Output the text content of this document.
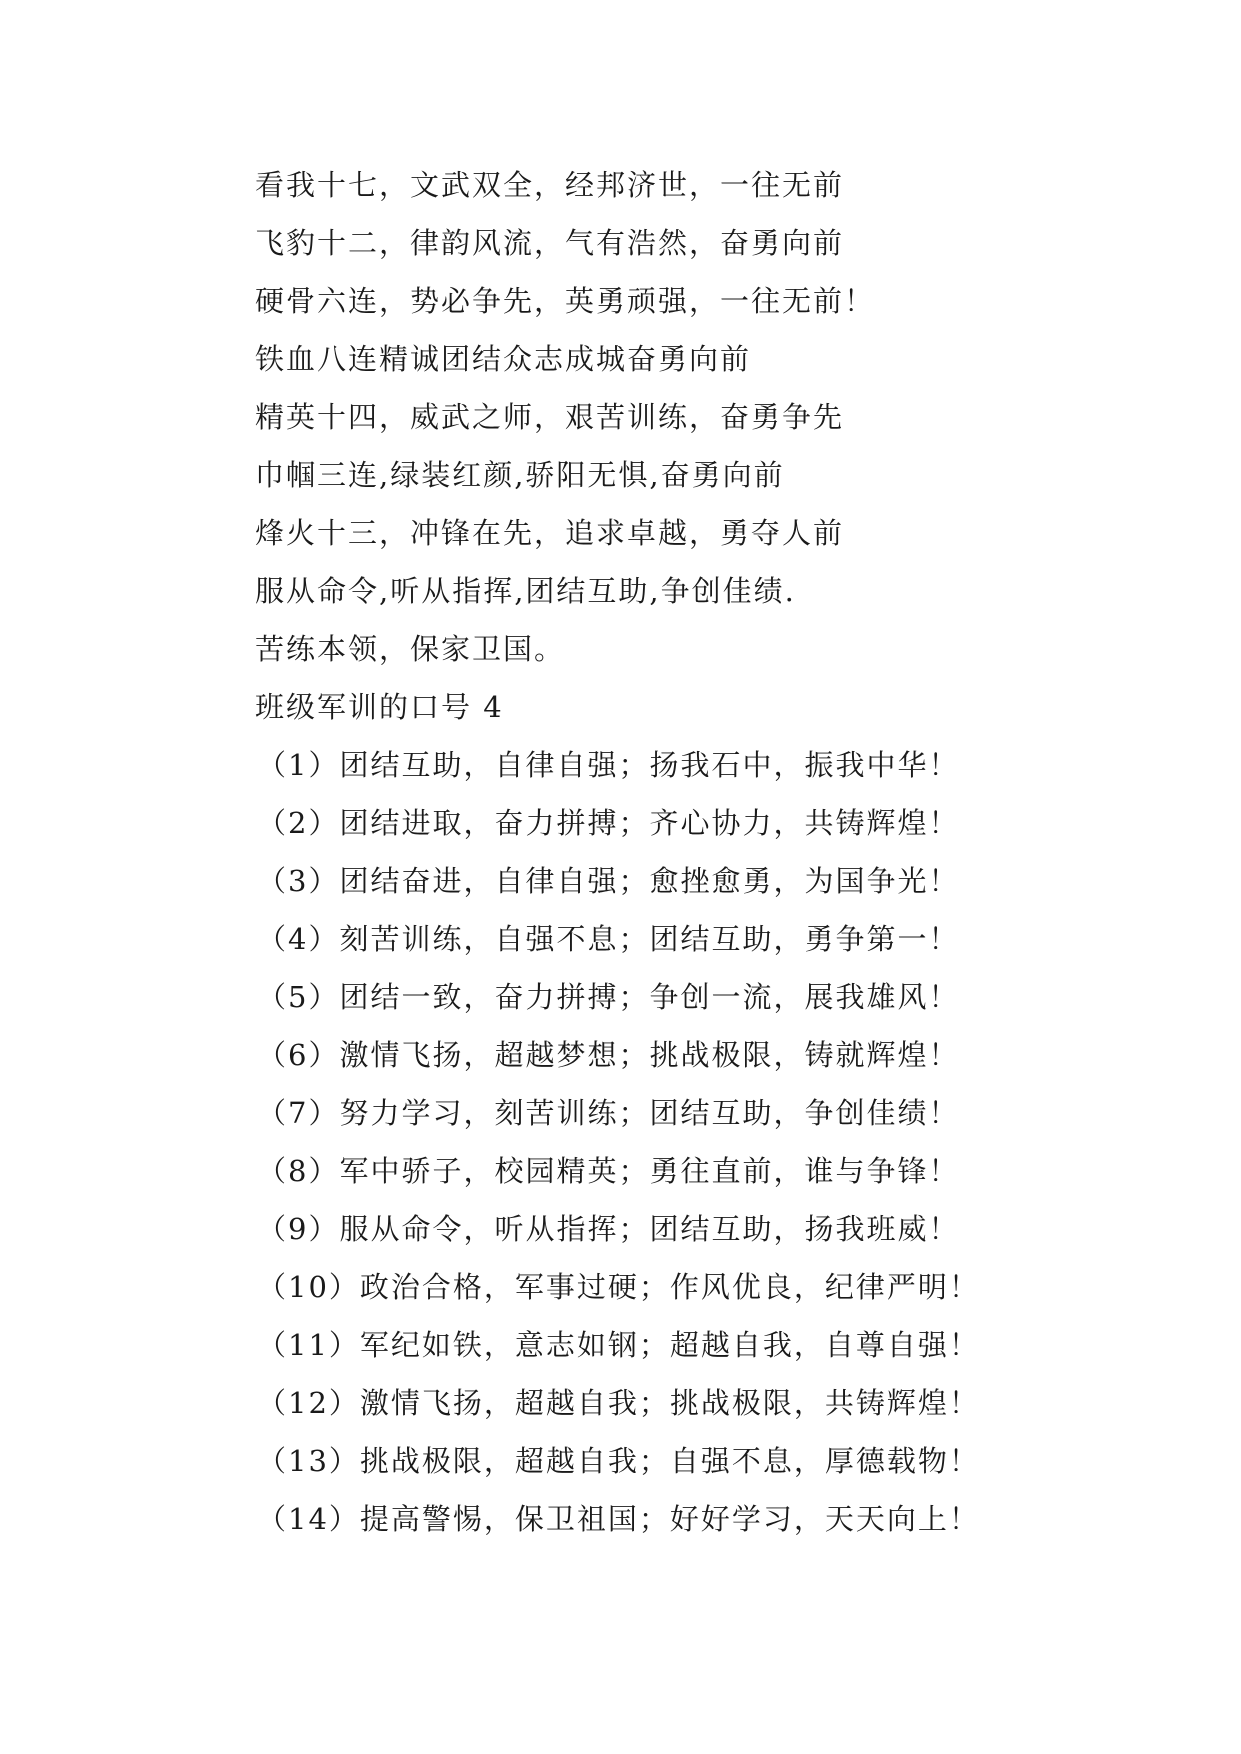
看我十七，文武双全，经邦济世，一往无前
飞豹十二，律韵风流，气有浩然，奋勇向前
硬骨六连，势必争先，英勇顽强，一往无前！
铁血八连精诚团结众志成城奋勇向前
精英十四，威武之师，艰苦训练，奋勇争先
巾帼三连,绿装红颜,骄阳无惧,奋勇向前
烽火十三，冲锋在先，追求卓越，勇夺人前
服从命令,听从指挥,团结互助,争创佳绩.
苦练本领，保家卫国。
班级军训的口号 4
（1）团结互助，自律自强；扬我石中，振我中华！
（2）团结进取，奋力拼搏；齐心协力，共铸辉煌！
（3）团结奋进，自律自强；愈挫愈勇，为国争光！
（4）刻苦训练，自强不息；团结互助，勇争第一！
（5）团结一致，奋力拼搏；争创一流，展我雄风！
（6）激情飞扬，超越梦想；挑战极限，铸就辉煌！
（7）努力学习，刻苦训练；团结互助，争创佳绩！
（8）军中骄子，校园精英；勇往直前，谁与争锋！
（9）服从命令，听从指挥；团结互助，扬我班威！
（10）政治合格，军事过硬；作风优良，纪律严明！
（11）军纪如铁，意志如钢；超越自我，自尊自强！
（12）激情飞扬，超越自我；挑战极限，共铸辉煌！
（13）挑战极限，超越自我；自强不息，厚德载物！
（14）提高警惕，保卫祖国；好好学习，天天向上！
